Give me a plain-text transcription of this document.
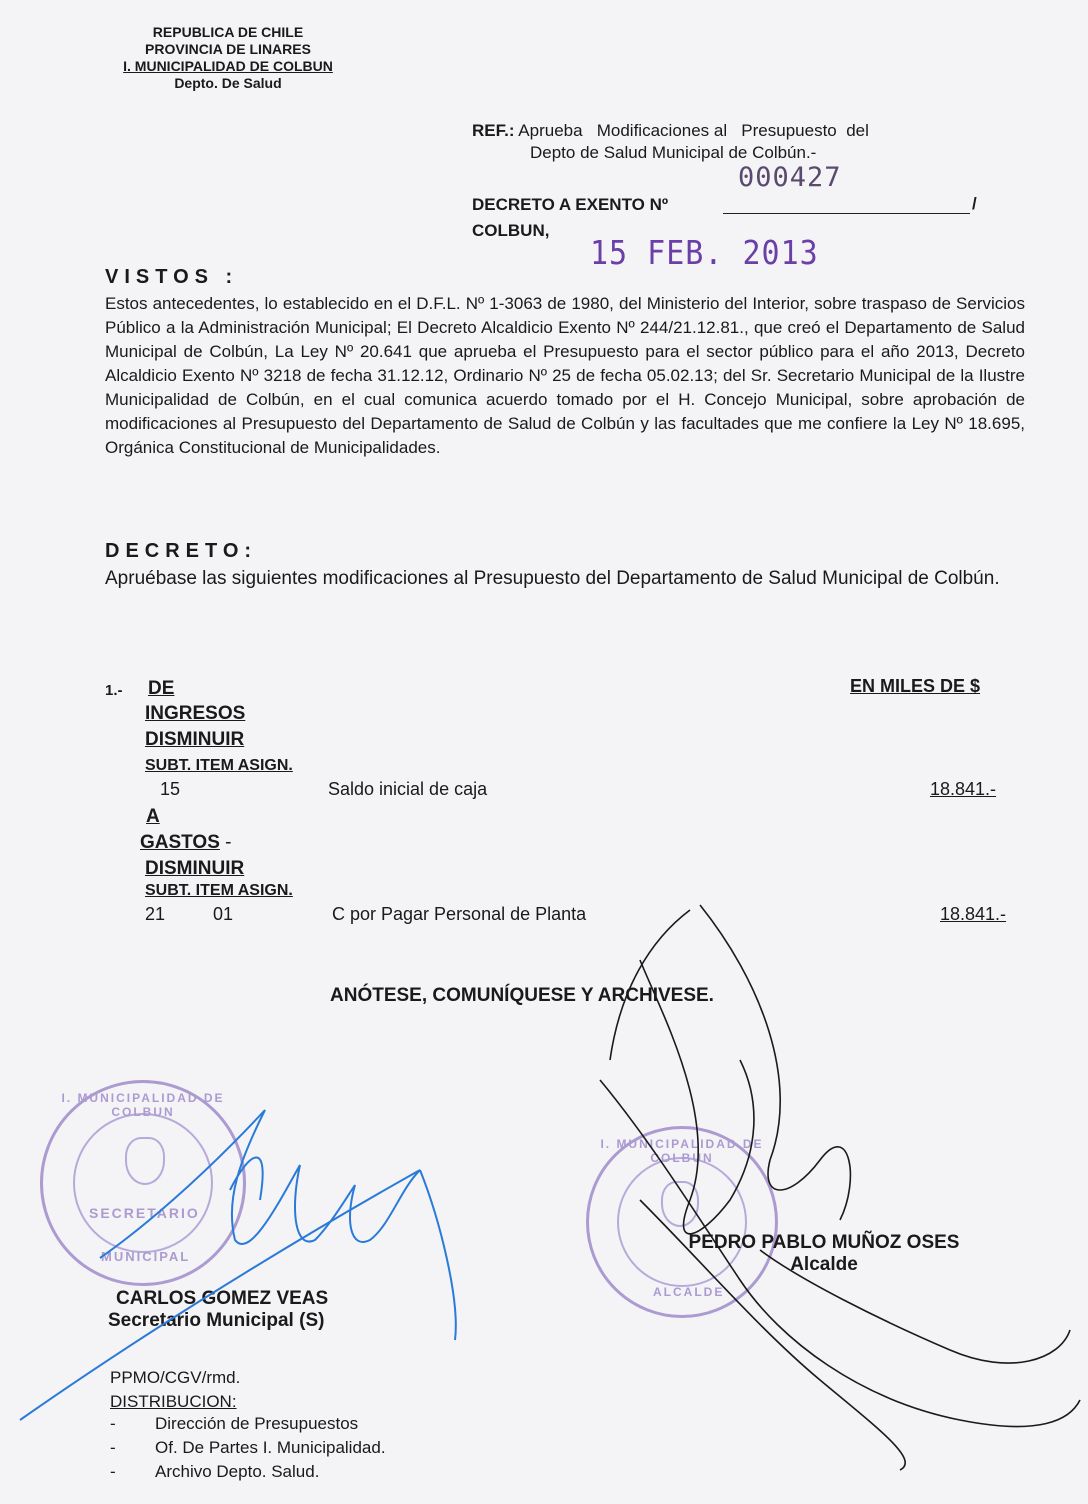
REPUBLICA DE CHILE
PROVINCIA DE LINARES
I. MUNICIPALIDAD DE COLBUN
Depto. De Salud
REF.: Aprueba   Modificaciones al   Presupuesto  del
Depto de Salud Municipal de Colbún.-
DECRETO A EXENTO Nº
COLBUN,
/
000427
15 FEB. 2013
VISTOS :
Estos antecedentes, lo establecido en el D.F.L. Nº 1-3063 de 1980, del Ministerio del Interior, sobre traspaso de Servicios Público a la Administración Municipal; El Decreto Alcaldicio Exento Nº 244/21.12.81., que creó el Departamento de Salud Municipal de Colbún, La Ley Nº 20.641 que aprueba el Presupuesto para el sector público para el año 2013, Decreto Alcaldicio Exento Nº 3218 de fecha 31.12.12, Ordinario Nº 25 de fecha 05.02.13; del Sr. Secretario Municipal de la Ilustre Municipalidad de Colbún, en el cual comunica acuerdo tomado por el H. Concejo Municipal, sobre aprobación de modificaciones al Presupuesto del Departamento de Salud de Colbún y las facultades que me confiere la Ley Nº 18.695, Orgánica Constitucional de Municipalidades.
DECRETO:
Apruébase las siguientes modificaciones al Presupuesto del Departamento de Salud Municipal de Colbún.
1.-	EN MILES DE $
DE
INGRESOS
DISMINUIR
SUBT. ITEM ASIGN.
15	Saldo inicial de caja	18.841.-
A
GASTOS -
DISMINUIR
SUBT. ITEM ASIGN.
21	01	C por Pagar Personal de Planta	18.841.-
ANÓTESE, COMUNÍQUESE Y ARCHIVESE.
I. MUNICIPALIDAD DE COLBUN
SECRETARIO
MUNICIPAL
I. MUNICIPALIDAD DE COLBUN
ALCALDE
CARLOS GOMEZ VEAS
Secretario Municipal (S)
PEDRO PABLO MUÑOZ OSES
Alcalde
PPMO/CGV/rmd.
DISTRIBUCION:
-	Dirección de Presupuestos
-	Of. De Partes I. Municipalidad.
-	Archivo Depto. Salud.
